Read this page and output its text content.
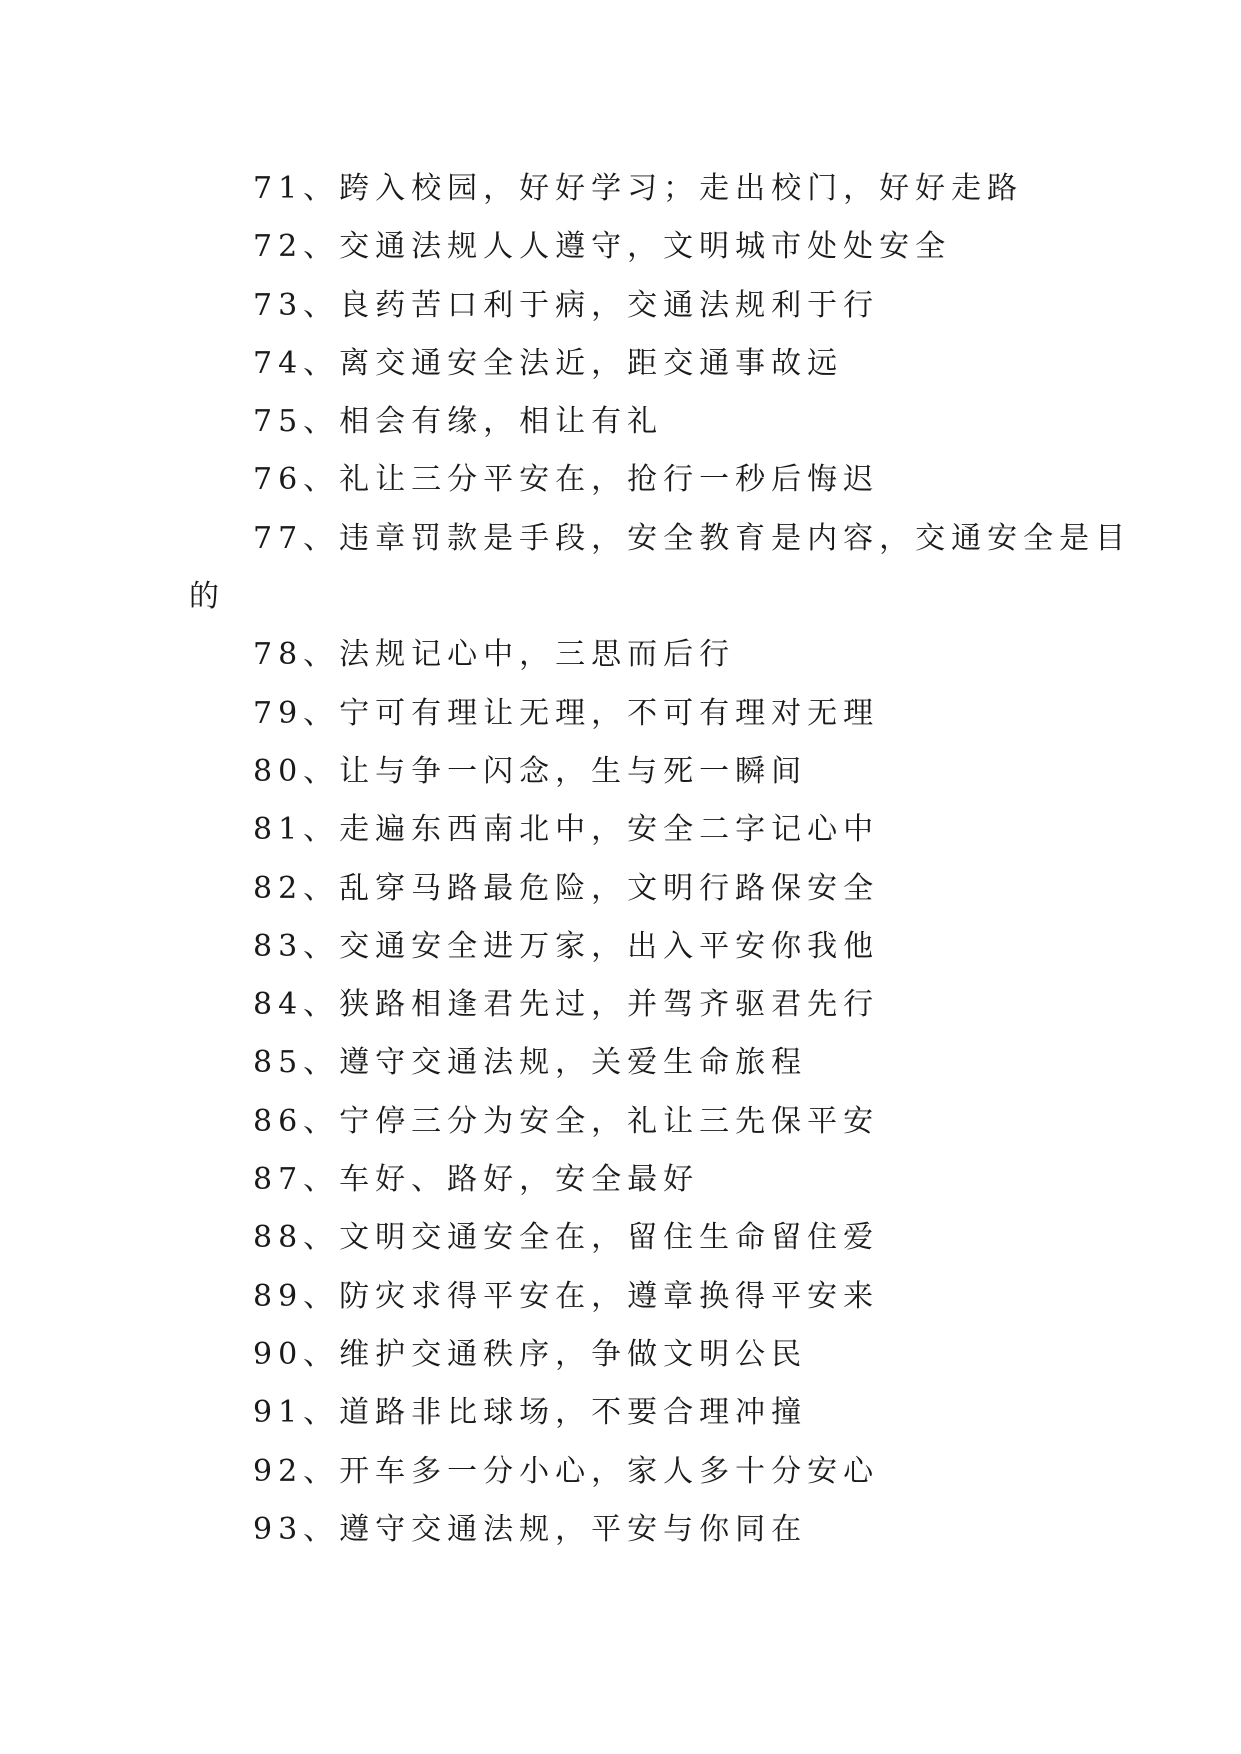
71、跨入校园，好好学习；走出校门，好好走路
72、交通法规人人遵守，文明城市处处安全
73、良药苦口利于病，交通法规利于行
74、离交通安全法近，距交通事故远
75、相会有缘，相让有礼
76、礼让三分平安在，抢行一秒后悔迟
77、违章罚款是手段，安全教育是内容，交通安全是目
的
78、法规记心中，三思而后行
79、宁可有理让无理，不可有理对无理
80、让与争一闪念，生与死一瞬间
81、走遍东西南北中，安全二字记心中
82、乱穿马路最危险，文明行路保安全
83、交通安全进万家，出入平安你我他
84、狭路相逢君先过，并驾齐驱君先行
85、遵守交通法规，关爱生命旅程
86、宁停三分为安全，礼让三先保平安
87、车好、路好，安全最好
88、文明交通安全在，留住生命留住爱
89、防灾求得平安在，遵章换得平安来
90、维护交通秩序，争做文明公民
91、道路非比球场，不要合理冲撞
92、开车多一分小心，家人多十分安心
93、遵守交通法规，平安与你同在
